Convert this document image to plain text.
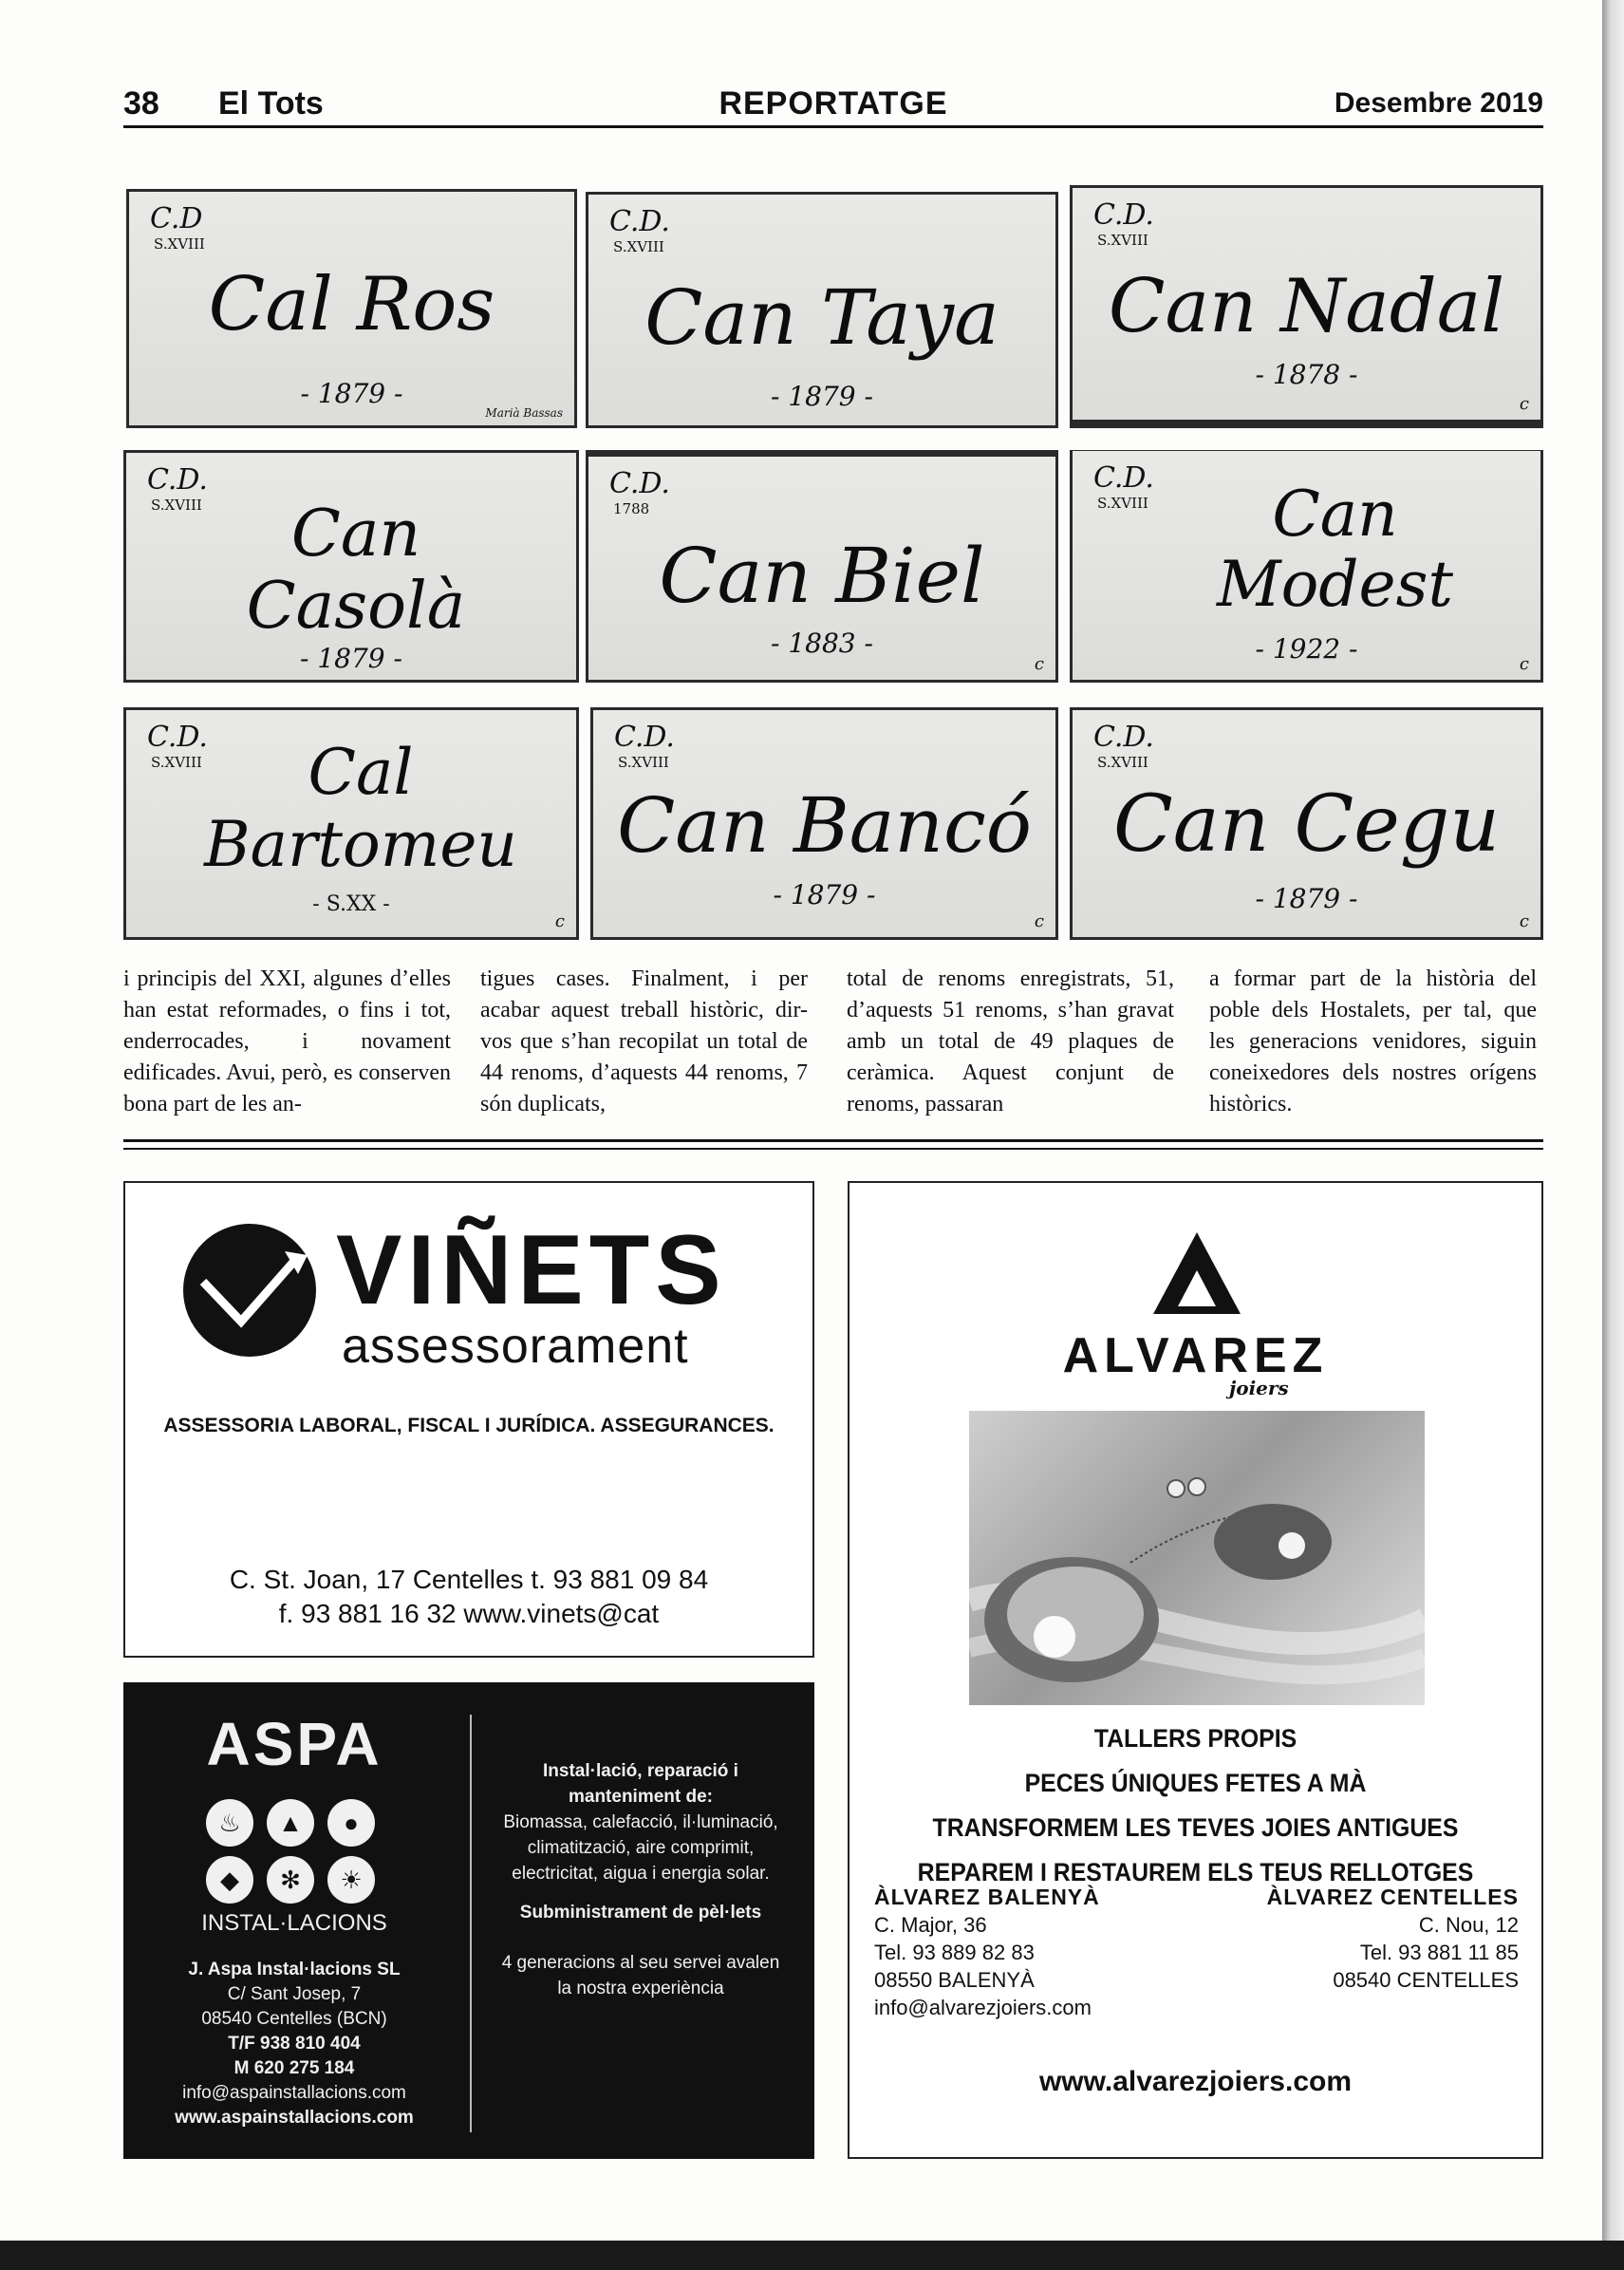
REPORTATGE
38 El Tots	Desembre 2019
C.D
S.XVIII
Cal Ros
- 1879 -
Marià Bassas
C.D.
S.XVIII
Can Taya
- 1879 -
C.D.
S.XVIII
Can Nadal
- 1878 -
c
C.D.
S.XVIII	Can Casolà
- 1879 -
C.D.
1788
Can Biel
- 1883 -
c
C.D.
S.XVIII	Can Modest
- 1922 -	c
C.D.
S.XVIII	Cal Bartomeu
- S.XX -
c
C.D.
S.XVIII
Can Bancó
- 1879 -
c
C.D.
S.XVIII
Can Cegu
- 1879 -
c
i principis del XXI, algunes d’elles han estat reformades, o fins i tot, enderrocades, i novament edificades. Avui, però, es conserven bona part de les an-
tigues cases. Finalment, i per acabar aquest treball històric, dir-vos que s’han recopilat un total de 44 renoms, d’aquests 44 renoms, 7 són duplicats,
total de renoms enregistrats, 51, d’aquests 51 renoms, s’han gravat amb un total de 49 plaques de ceràmica. Aquest conjunt de renoms, passaran
a formar part de la història del poble dels Hostalets, per tal, que les generacions venidores, siguin coneixedores dels nostres orígens històrics.
VIÑETS
assessorament
ASSESSORIA LABORAL, FISCAL I JURÍDICA. ASSEGURANCES.
C. St. Joan, 17 Centelles t. 93 881 09 84
f. 93 881 16 32 www.vinets@cat
ASPA
♨ ▲ ●◆ ✻ ☀
INSTAL·LACIONS
J. Aspa Instal·lacions SL
C/ Sant Josep, 7
08540 Centelles (BCN)
T/F 938 810 404
M 620 275 184
info@aspainstallacions.com
www.aspainstallacions.com
Instal·lació, reparació i manteniment de:
Biomassa, calefacció, il·luminació, climatització, aire comprimit, electricitat, aigua i energia solar.
Subministrament de pèl·lets
4 generacions al seu servei avalen la nostra experiència
ALVAREZ
joiers
TALLERS PROPIS
PECES ÚNIQUES FETES A MÀ
TRANSFORMEM LES TEVES JOIES ANTIGUES
REPAREM I RESTAUREM ELS TEUS RELLOTGES
ÀLVAREZ BALENYÀ
C. Major, 36
Tel. 93 889 82 83
08550 BALENYÀ
info@alvarezjoiers.com
ÀLVAREZ CENTELLES
C. Nou, 12
Tel. 93 881 11 85
08540 CENTELLES
www.alvarezjoiers.com
